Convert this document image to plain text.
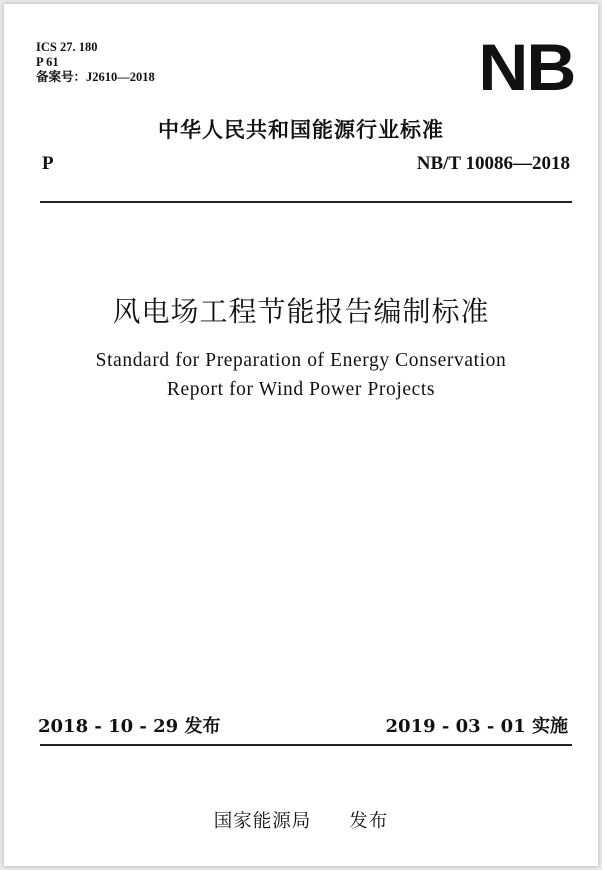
ICS 27. 180
P 61
备案号：J2610—2018	NB
中华人民共和国能源行业标准
P	NB/T 10086—2018
风电场工程节能报告编制标准
Standard for Preparation of Energy Conservation
Report for Wind Power Projects
2018 - 10 - 29 发布	2019 - 03 - 01 实施
国家能源局 发布
